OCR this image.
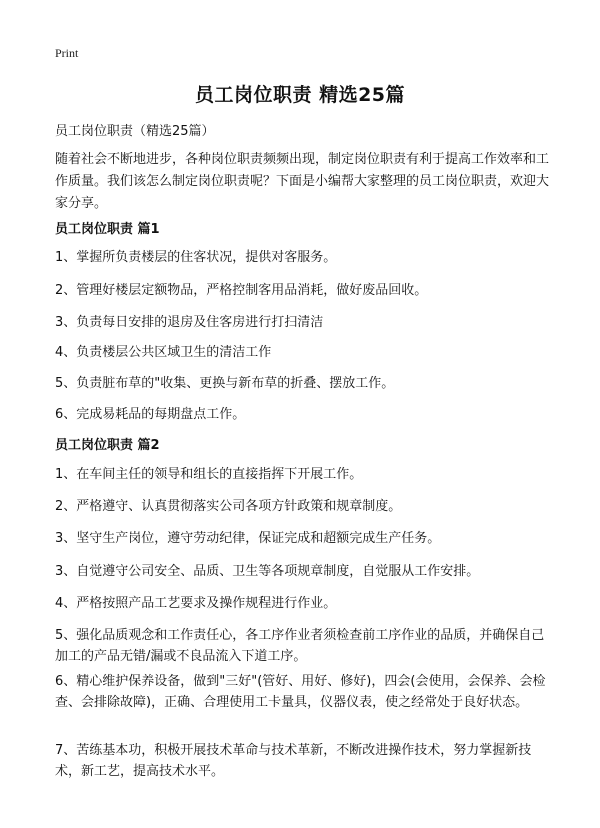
Print
员工岗位职责 精选25篇
员工岗位职责（精选25篇）
随着社会不断地进步，各种岗位职责频频出现，制定岗位职责有利于提高工作效率和工作质量。我们该怎么制定岗位职责呢？下面是小编帮大家整理的员工岗位职责，欢迎大家分享。
员工岗位职责 篇1
1、掌握所负责楼层的住客状况，提供对客服务。
2、管理好楼层定额物品，严格控制客用品消耗，做好废品回收。
3、负责每日安排的退房及住客房进行打扫清洁
4、负责楼层公共区域卫生的清洁工作
5、负责脏布草的"收集、更换与新布草的折叠、摆放工作。
6、完成易耗品的每期盘点工作。
员工岗位职责 篇2
1、在车间主任的领导和组长的直接指挥下开展工作。
2、严格遵守、认真贯彻落实公司各项方针政策和规章制度。
3、坚守生产岗位，遵守劳动纪律，保证完成和超额完成生产任务。
3、自觉遵守公司安全、品质、卫生等各项规章制度，自觉服从工作安排。
4、严格按照产品工艺要求及操作规程进行作业。
5、强化品质观念和工作责任心，各工序作业者须检查前工序作业的品质，并确保自己加工的产品无错/漏或不良品流入下道工序。
6、精心维护保养设备，做到"三好"(管好、用好、修好)，四会(会使用，会保养、会检查、会排除故障)，正确、合理使用工卡量具，仪器仪表，使之经常处于良好状态。
7、苦练基本功，积极开展技术革命与技术革新，不断改进操作技术，努力掌握新技术，新工艺，提高技术水平。
